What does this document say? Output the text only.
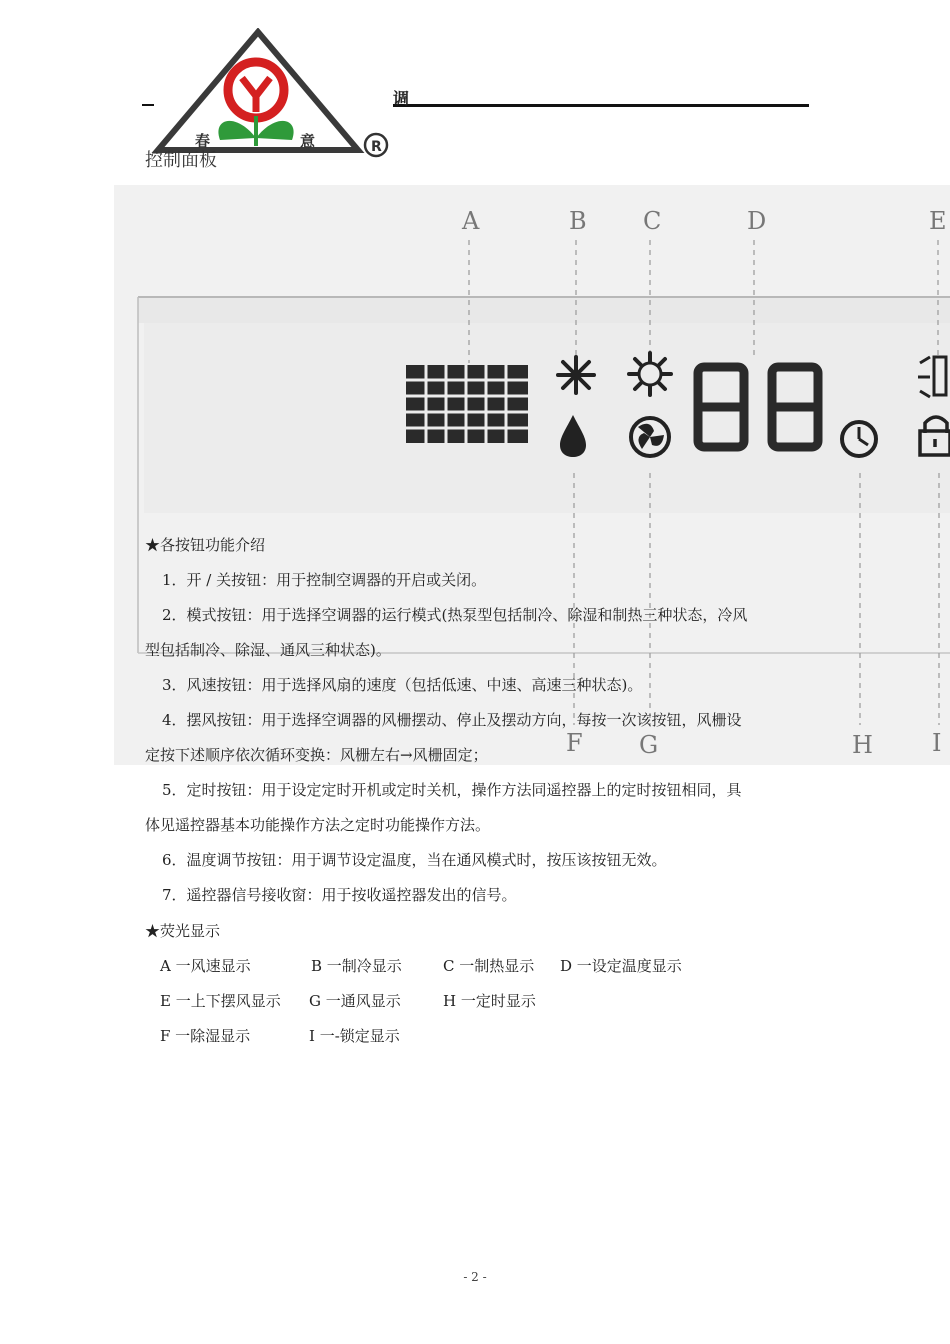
春	意	R
调
控制面板
A	B C	D	E
F G	H I
★各按钮功能介绍
1．开 / 关按钮：用于控制空调器的开启或关闭。
2．模式按钮：用于选择空调器的运行模式(热泵型包括制冷、除湿和制热三种状态，冷风
型包括制冷、除湿、通风三种状态)。
3．风速按钮：用于选择风扇的速度（包括低速、中速、高速三种状态)。
4．摆风按钮：用于选择空调器的风栅摆动、停止及摆动方向，每按一次该按钮，风栅设
定按下述顺序依次循环变换：风栅左右→风栅固定；
5．定时按钮：用于设定定时开机或定时关机，操作方法同遥控器上的定时按钮相同，具
体见遥控器基本功能操作方法之定时功能操作方法。
6．温度调节按钮：用于调节设定温度，当在通风模式时，按压该按钮无效。
7．遥控器信号接收窗：用于按收遥控器发出的信号。
★荧光显示
A 一风速显示	B 一制冷显示	C 一制热显示 D 一设定温度显示
E 一上下摆风显示 G 一通风显示	H 一定时显示
F 一除湿显示	I 一-锁定显示
- 2 -
